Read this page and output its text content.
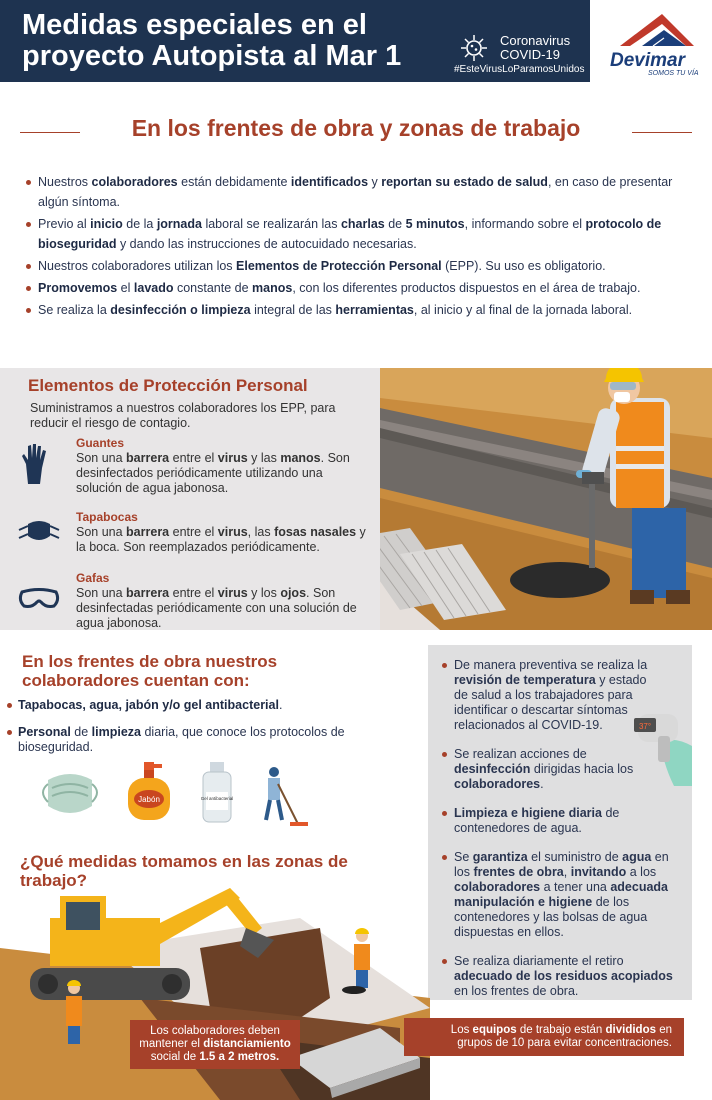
Medidas especiales en el
proyecto Autopista al Mar 1	Coronavirus
COVID-19
#EsteVirusLoParamosUnidos Devimar
SOMOS TU VÍA
En los frentes de obra y zonas de trabajo
Nuestros colaboradores están debidamente identificados y reportan su estado de salud, en caso de presentar algún síntoma.
Previo al inicio de la jornada laboral se realizarán las charlas de 5 minutos, informando sobre el protocolo de bioseguridad y dando las instrucciones de autocuidado necesarias.
Nuestros colaboradores utilizan los Elementos de Protección Personal (EPP). Su uso es obligatorio.
Promovemos el lavado constante de manos, con los diferentes productos dispuestos en el área de trabajo.
Se realiza la desinfección o limpieza integral de las herramientas, al inicio y al final de la jornada laboral.
Elementos de Protección Personal
Suministramos a nuestros colaboradores los EPP, para reducir el riesgo de contagio.
Guantes
Son una barrera entre el virus y las manos. Son desinfectados periódicamente utilizando una solución de agua jabonosa.
Tapabocas
Son una barrera entre el virus, las fosas nasales y la boca. Son reemplazados periódicamente.
Gafas
Son una barrera entre el virus y los ojos. Son desinfectadas periódicamente con una solución de agua jabonosa.
En los frentes de obra nuestros colaboradores cuentan con:
Tapabocas, agua, jabón y/o gel antibacterial.
Personal de limpieza diaria, que conoce los protocolos de bioseguridad.
Jabón	Gel antibacterial
37°
De manera preventiva se realiza la revisión de temperatura y estado de salud a los trabajadores para identificar o descartar síntomas relacionados al COVID-19.
Se realizan acciones de desinfección dirigidas hacia los colaboradores.
Limpieza e higiene diaria de contenedores de agua.
Se garantiza el suministro de agua en los frentes de obra, invitando a los colaboradores a tener una adecuada manipulación e higiene de los contenedores y las bolsas de agua dispuestas en ellos.
Se realiza diariamente el retiro adecuado de los residuos acopiados en los frentes de obra.
¿Qué medidas tomamos en las zonas de trabajo?
Los colaboradores deben mantener el distanciamiento social de 1.5 a 2 metros.
Los equipos de trabajo están divididos en grupos de 10 para evitar concentraciones.
